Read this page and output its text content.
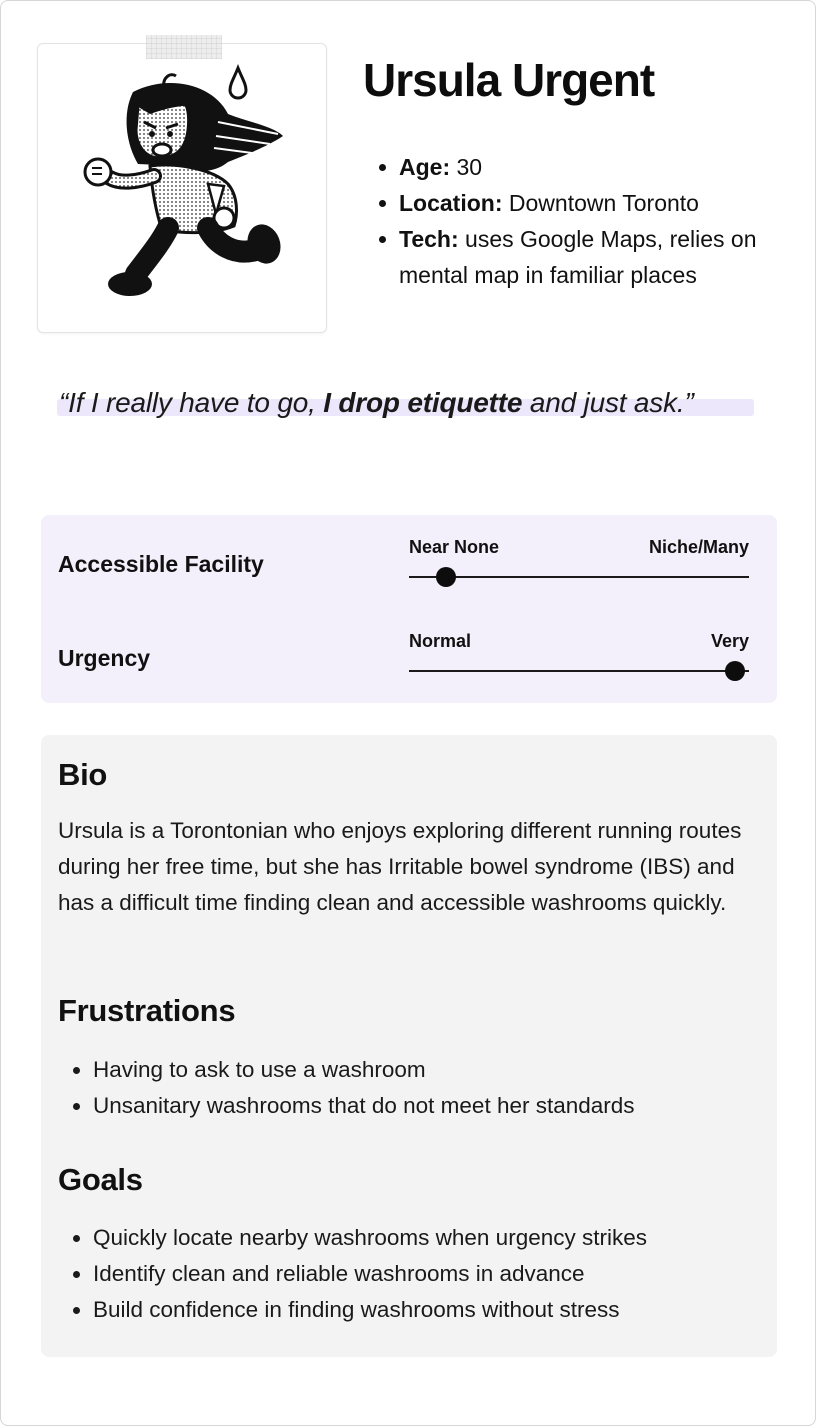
Ursula Urgent
Age: 30
Location: Downtown Toronto
Tech: uses Google Maps, relies on mental map in familiar places
“If I really have to go, I drop etiquette and just ask.”
Accessible Facility
Near None	Niche/Many
Urgency
Normal	Very
Bio
Ursula is a Torontonian who enjoys exploring different running routes during her free time, but she has Irritable bowel syndrome (IBS) and has a difficult time finding clean and accessible washrooms quickly.
Frustrations
Having to ask to use a washroom
Unsanitary washrooms that do not meet her standards
Goals
Quickly locate nearby washrooms when urgency strikes
Identify clean and reliable washrooms in advance
Build confidence in finding washrooms without stress
